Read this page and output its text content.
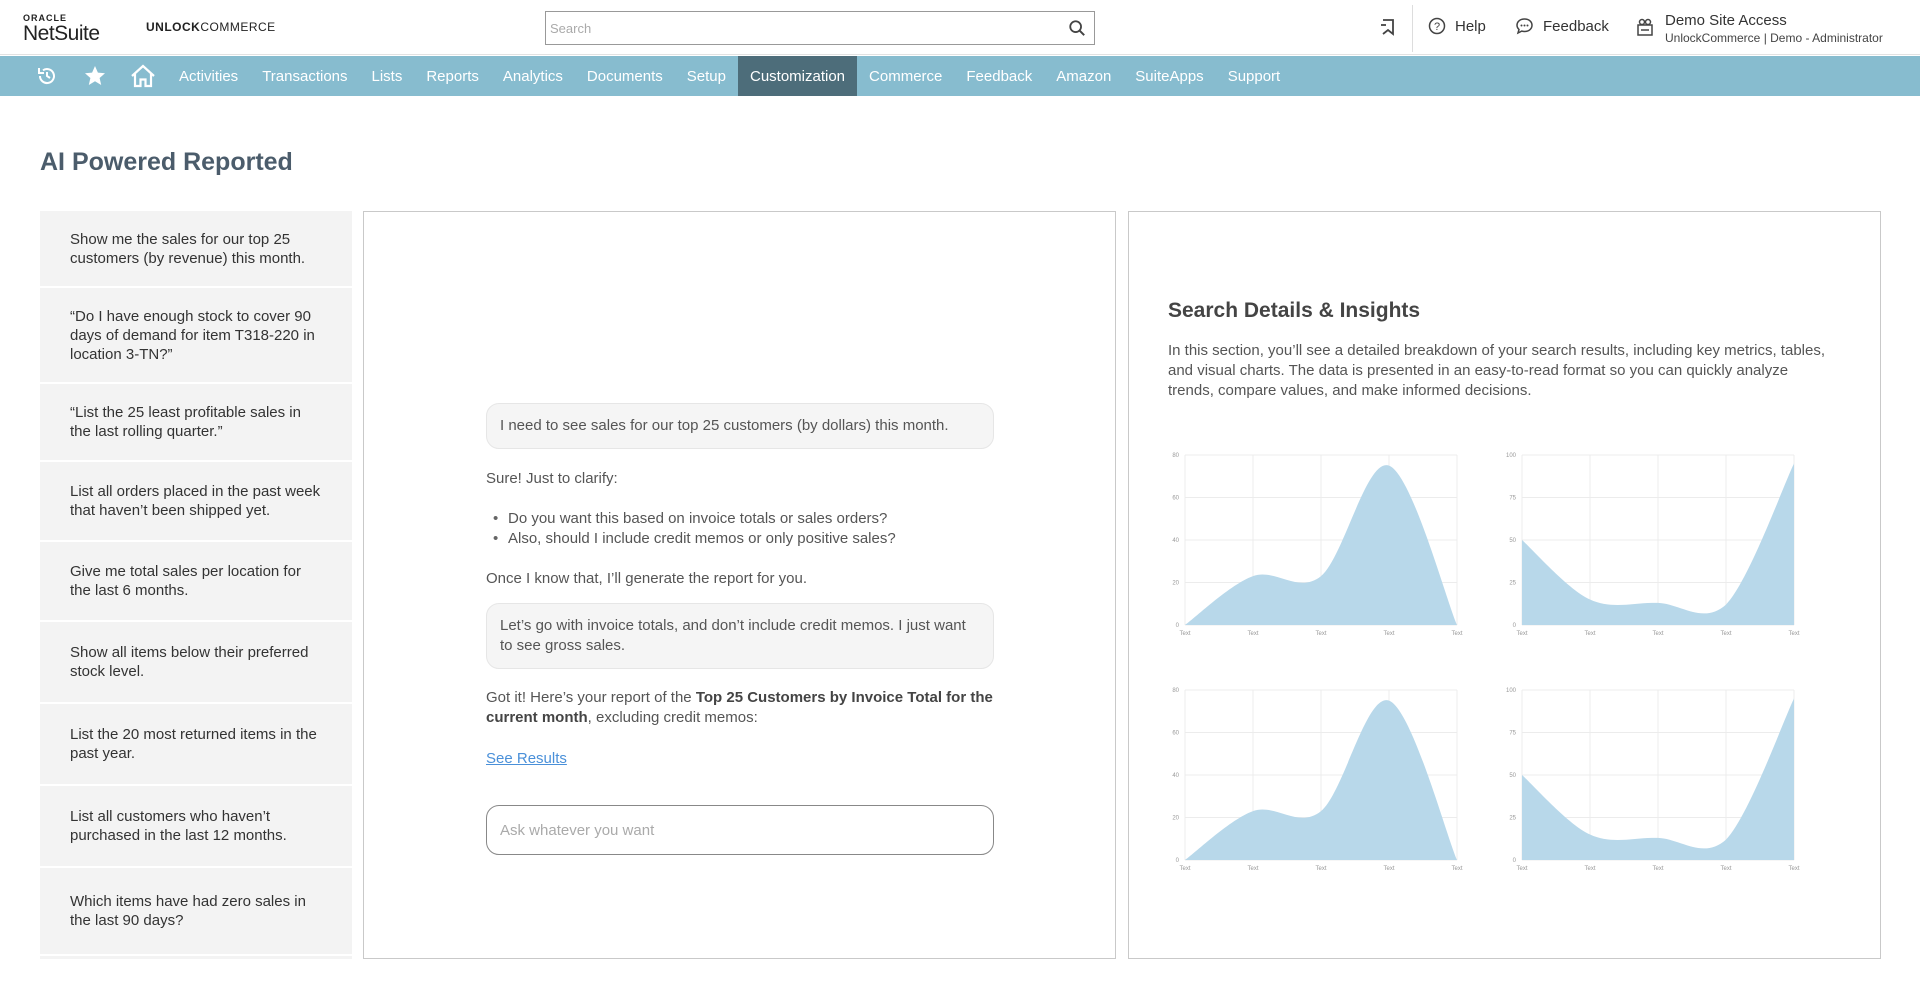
ORACLE
NetSuite	UNLOCKCOMMERCE
Search	? Help	Feedback	Demo Site Access
UnlockCommerce | Demo - Administrator
Activities	Transactions	Lists	Reports	Analytics	Documents	Setup	Customization	Commerce	Feedback	Amazon	SuiteApps	Support
AI Powered Reported
Show me the sales for our top 25 customers (by revenue) this month.
“Do I have enough stock to cover 90 days of demand for item T318-220 in location 3-TN?”
“List the 25 least profitable sales in the last rolling quarter.”
List all orders placed in the past week that haven’t been shipped yet.
Give me total sales per location for the last 6 months.
Show all items below their preferred stock level.
List the 20 most returned items in the past year.
List all customers who haven’t purchased in the last 12 months.
Which items have had zero sales in the last 90 days?
I need to see sales for our top 25 customers (by dollars) this month.
Sure! Just to clarify:
• Do you want this based on invoice totals or sales orders?
• Also, should I include credit memos or only positive sales?
Once I know that, I’ll generate the report for you.
Let’s go with invoice totals, and don’t include credit memos. I just want to see gross sales.
Got it! Here’s your report of the Top 25 Customers by Invoice Total for the current month, excluding credit memos:
See Results
Ask whatever you want
Search Details & Insights

In this section, you’ll see a detailed breakdown of your search results, including key metrics, tables, and visual charts. The data is presented in an easy-to-read format so you can quickly analyze trends, compare values, and make informed decisions.

0
20
40
60
80
Text	Text	Text	Text	Text
0
25
50
75
100
Text	Text	Text	Text	Text
0
20
40
60
80
Text	Text	Text	Text	Text
0
25
50
75
100
Text	Text	Text	Text	Text
